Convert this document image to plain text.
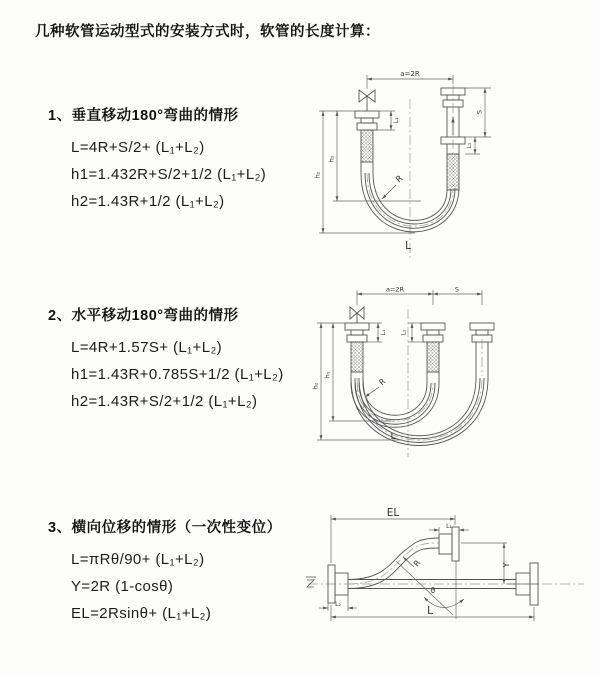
几种软管运动型式的安装方式时，软管的长度计算：
1、垂直移动180°弯曲的情形
L=4R+S/2+ (L₁+L₂)
h1=1.432R+S/2+1/2 (L₁+L₂)
h2=1.43R+1/2 (L₁+L₂)
2、水平移动180°弯曲的情形
L=4R+1.57S+ (L₁+L₂)
h1=1.43R+0.785S+1/2 (L₁+L₂)
h2=1.43R+S/2+1/2 (L₁+L₂)
3、横向位移的情形（一次性变位）
L=πRθ/90+ (L₁+L₂)
Y=2R (1-cosθ)
EL=2Rsinθ+ (L₁+L₂)
a=2R
h₁
h₂
L₁
S
L₂
R
L
a=2R	S
h₁
h₂
L₁ L₂
R
L
θ
R
EL
L₁
Y
L₂
L
